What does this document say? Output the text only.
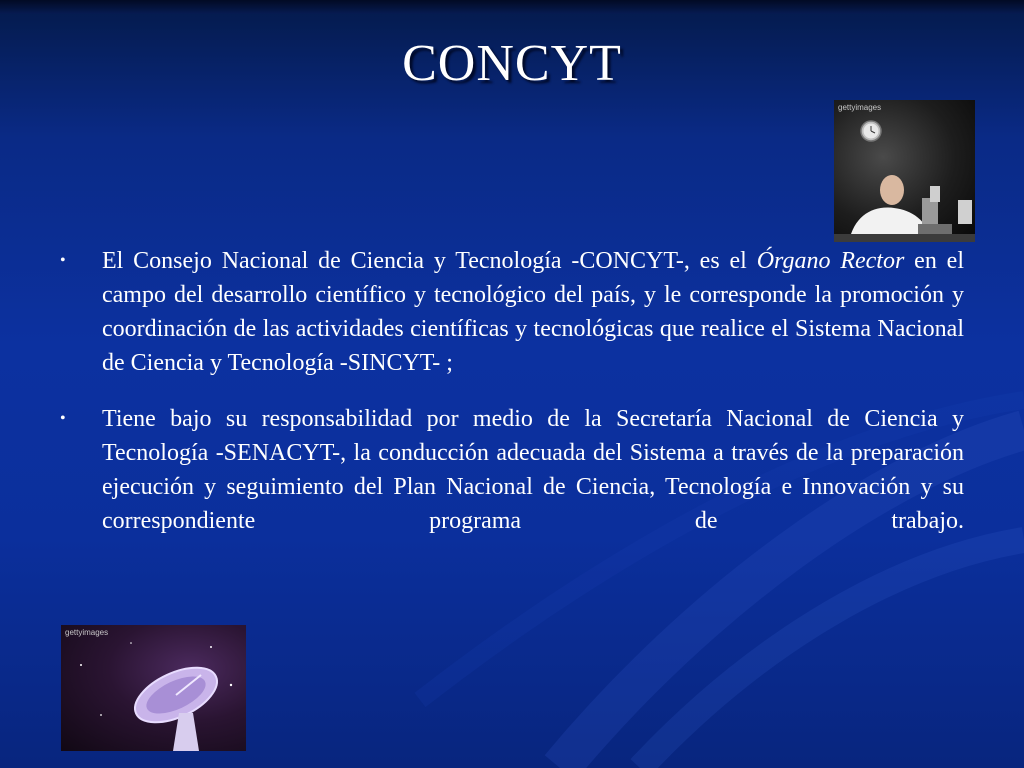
CONCYT
gettyimages

• El Consejo Nacional de Ciencia y Tecnología -CONCYT-, es el Órgano Rector en el campo del desarrollo científico y tecnológico del país, y le corresponde la promoción y coordinación de las actividades científicas y tecnológicas que realice el Sistema Nacional de Ciencia y Tecnología -SINCYT- ;

• Tiene bajo su responsabilidad por medio de la Secretaría Nacional de Ciencia y Tecnología -SENACYT-, la conducción adecuada del Sistema a través de la preparación ejecución y seguimiento del Plan Nacional de Ciencia, Tecnología e Innovación y su correspondiente programa de trabajo.

gettyimages
